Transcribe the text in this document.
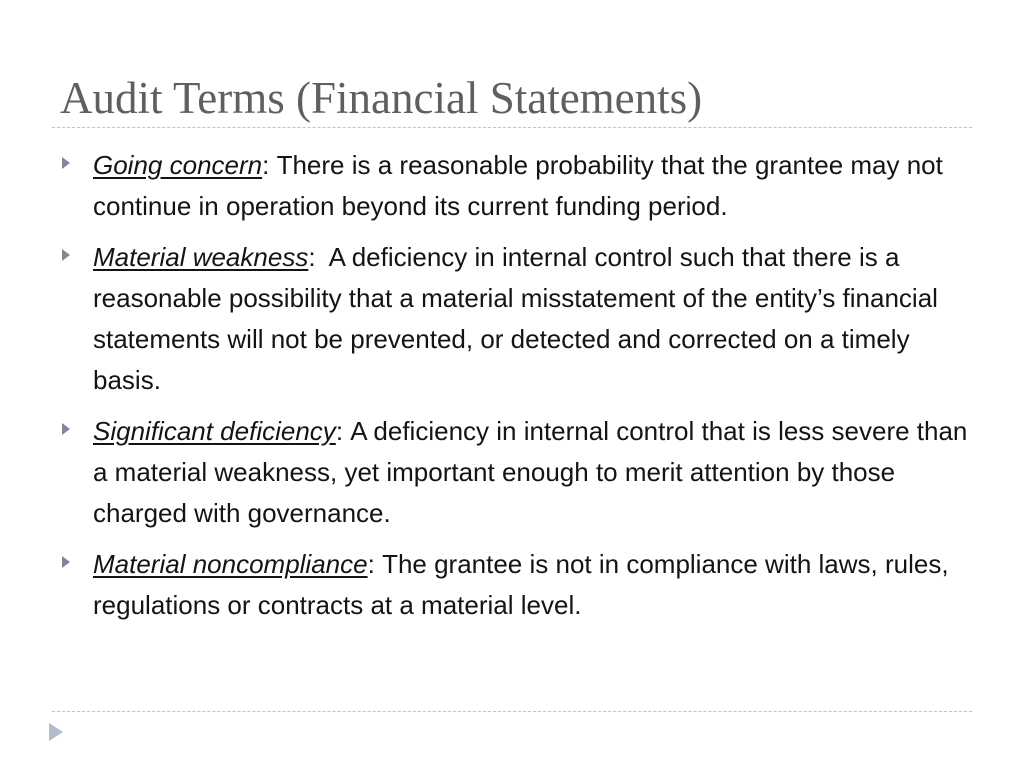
Audit Terms (Financial Statements)
Going concern: There is a reasonable probability that the grantee may not continue in operation beyond its current funding period.
Material weakness: A deficiency in internal control such that there is a reasonable possibility that a material misstatement of the entity’s financial statements will not be prevented, or detected and corrected on a timely basis.
Significant deficiency: A deficiency in internal control that is less severe than a material weakness, yet important enough to merit attention by those charged with governance.
Material noncompliance: The grantee is not in compliance with laws, rules, regulations or contracts at a material level.
